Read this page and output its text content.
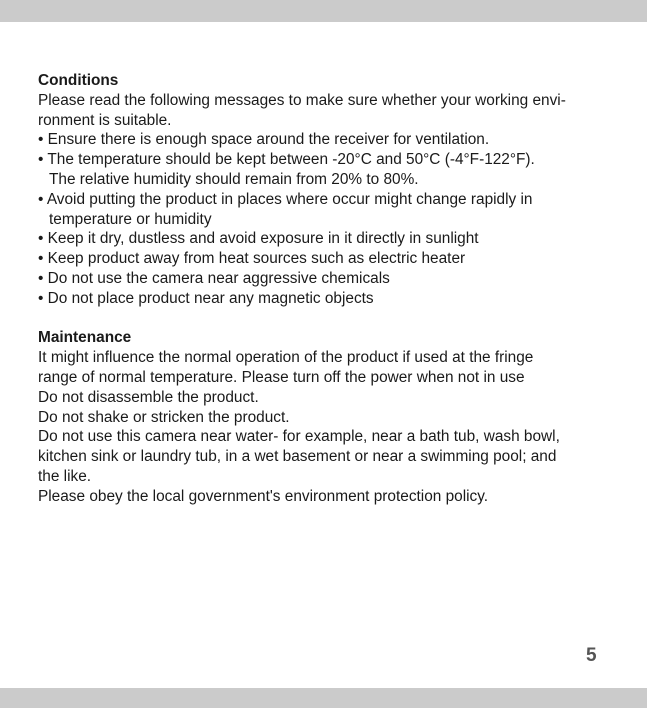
Conditions

Please read the following messages to make sure whether your working envi-

ronment is suitable.

• Ensure there is enough space around the receiver for ventilation.

• The temperature should be kept between -20°C and 50°C (-4°F-122°F).

The relative humidity should remain from 20% to 80%.

• Avoid putting the product in places where occur might change rapidly in

temperature or humidity

• Keep it dry, dustless and avoid exposure in it directly in sunlight

• Keep product away from heat sources such as electric heater

• Do not use the camera near aggressive chemicals

• Do not place product near any magnetic objects

Maintenance

It might influence the normal operation of the product if used at the fringe

range of normal temperature. Please turn off the power when not in use

Do not disassemble the product.

Do not shake or stricken the product.

Do not use this camera near water- for example, near a bath tub, wash bowl,

kitchen sink or laundry tub, in a wet basement or near a swimming pool; and

the like.

Please obey the local government's environment protection policy.

5
